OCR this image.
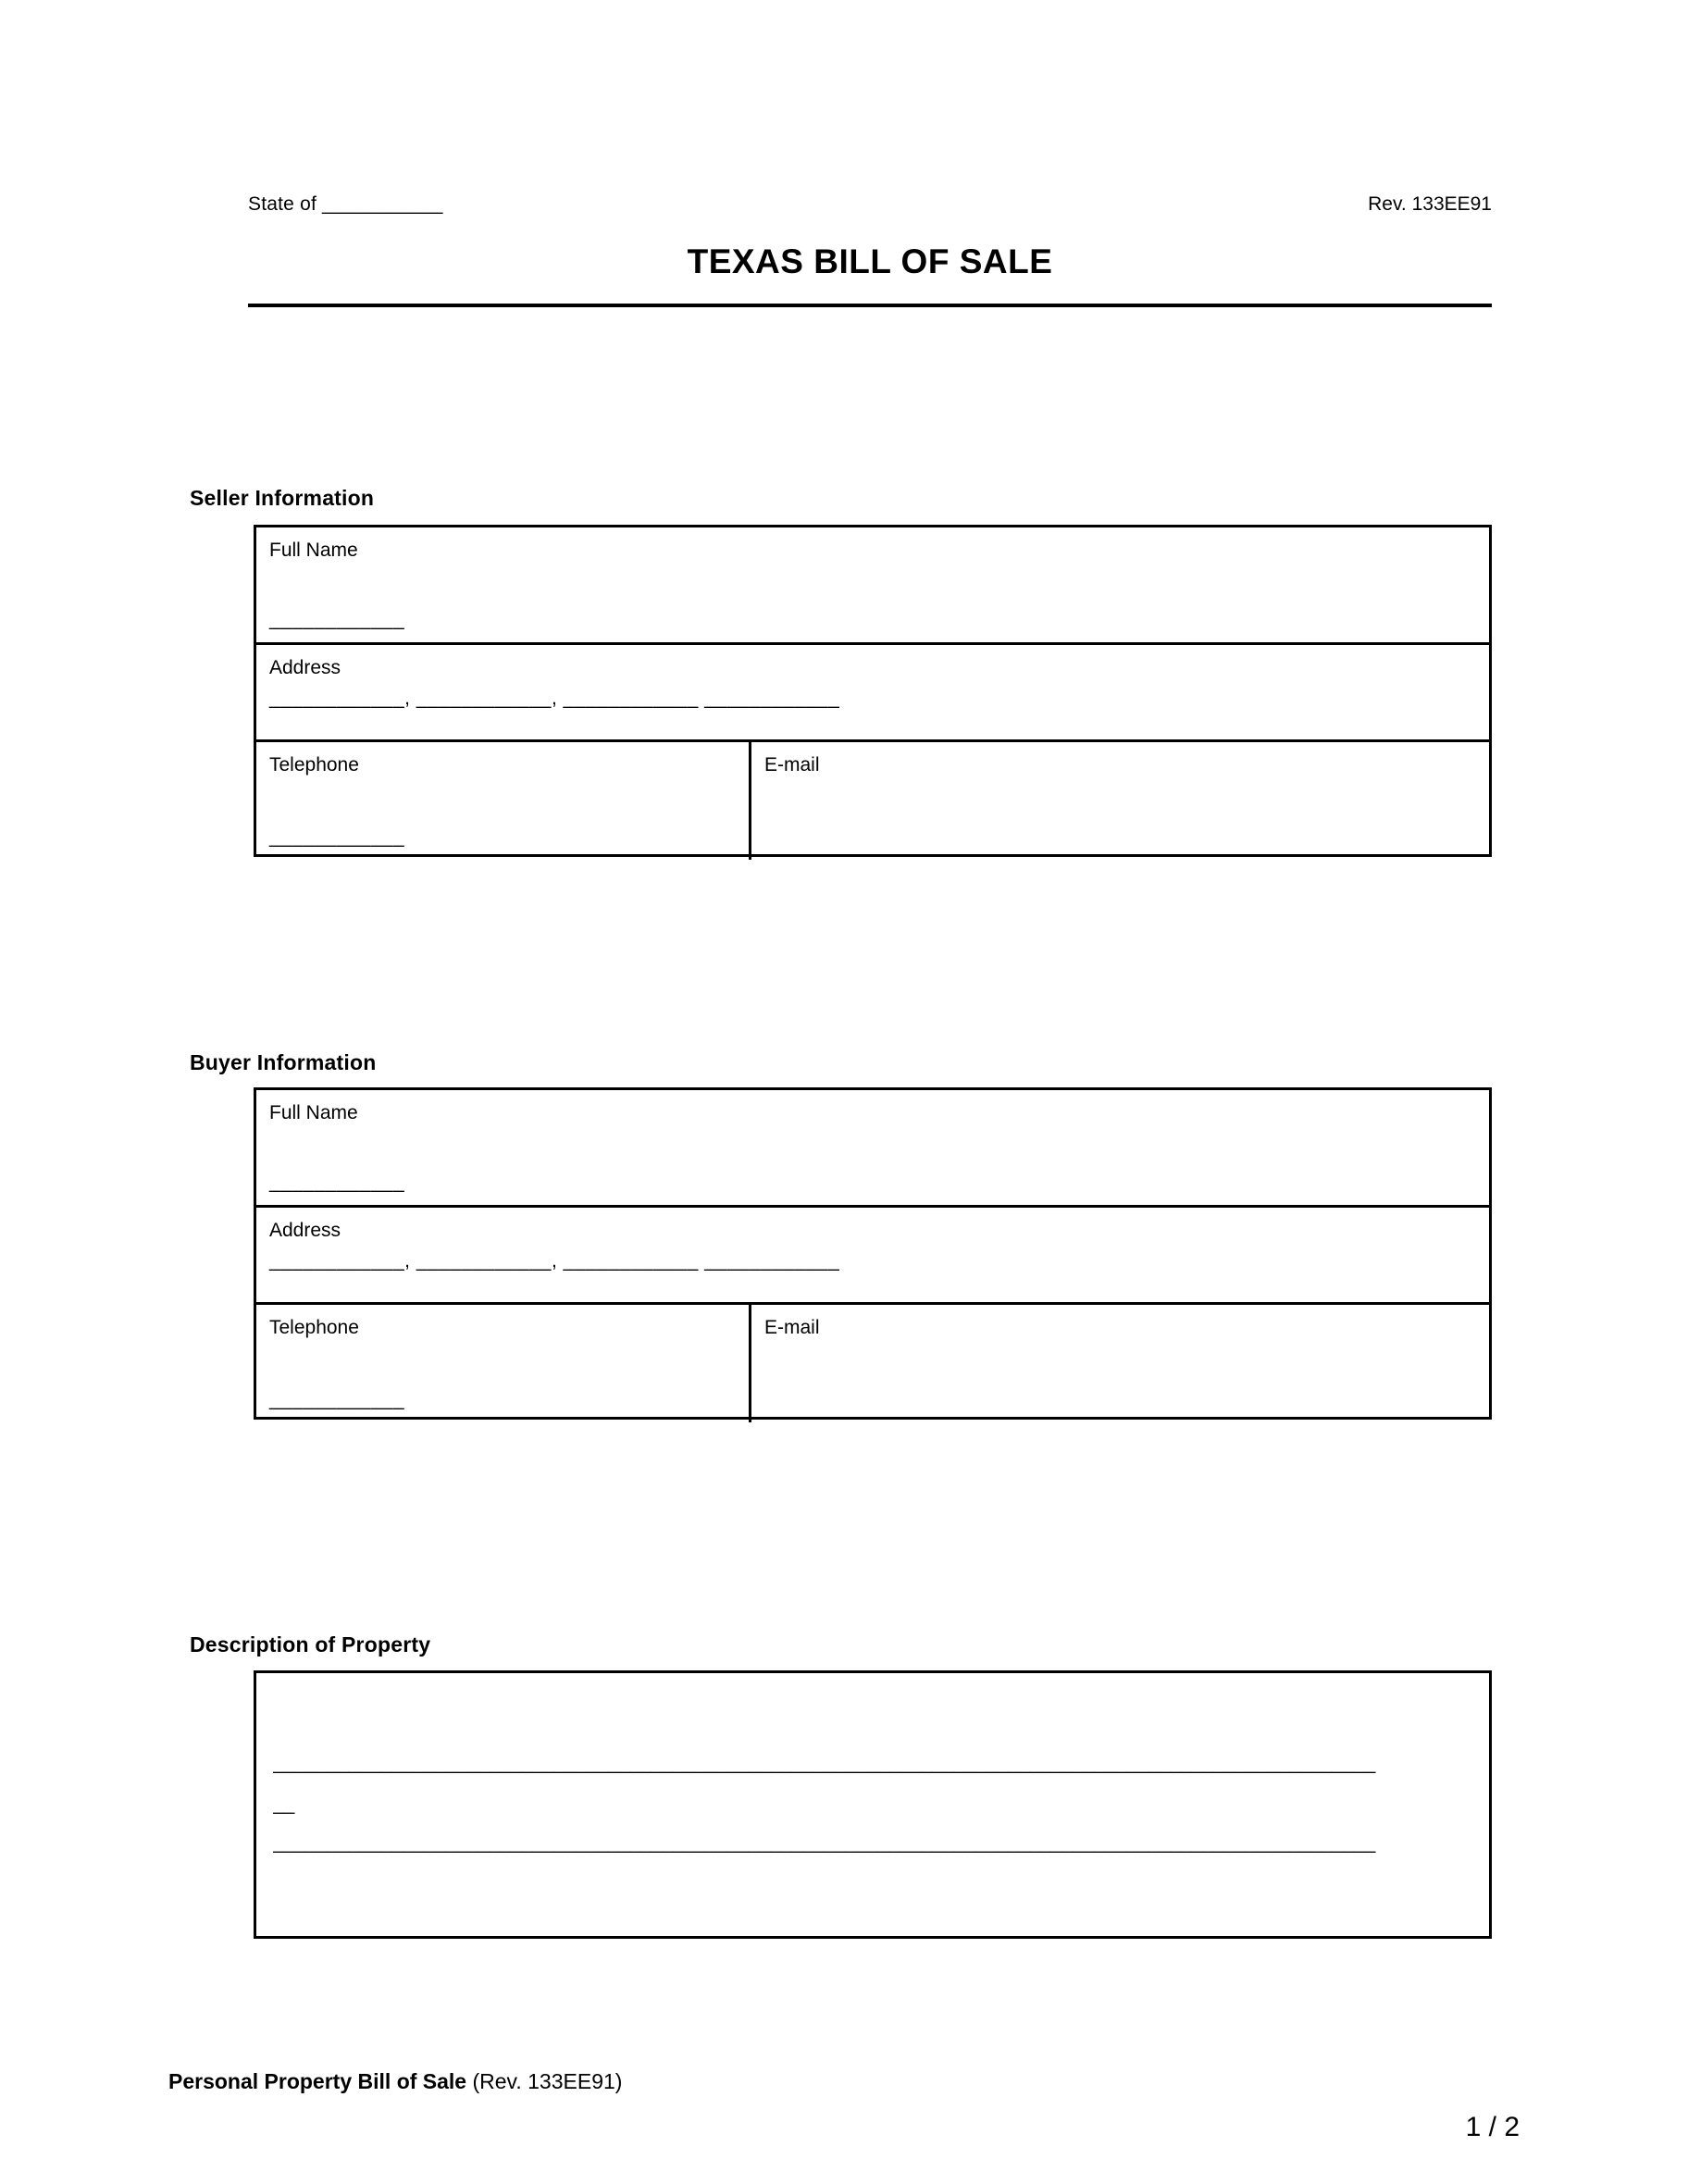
State of ___________	Rev. 133EE91
TEXAS BILL OF SALE
Seller Information
Full Name
____________
Address
____________, ____________, ____________ ____________
Telephone
____________
E-mail
Buyer Information
Full Name
____________
Address
____________, ____________, ____________ ____________
Telephone
____________
E-mail
Description of Property
______________________________________________________________________________________________________
__
______________________________________________________________________________________________________
Personal Property Bill of Sale (Rev. 133EE91)
1 / 2
